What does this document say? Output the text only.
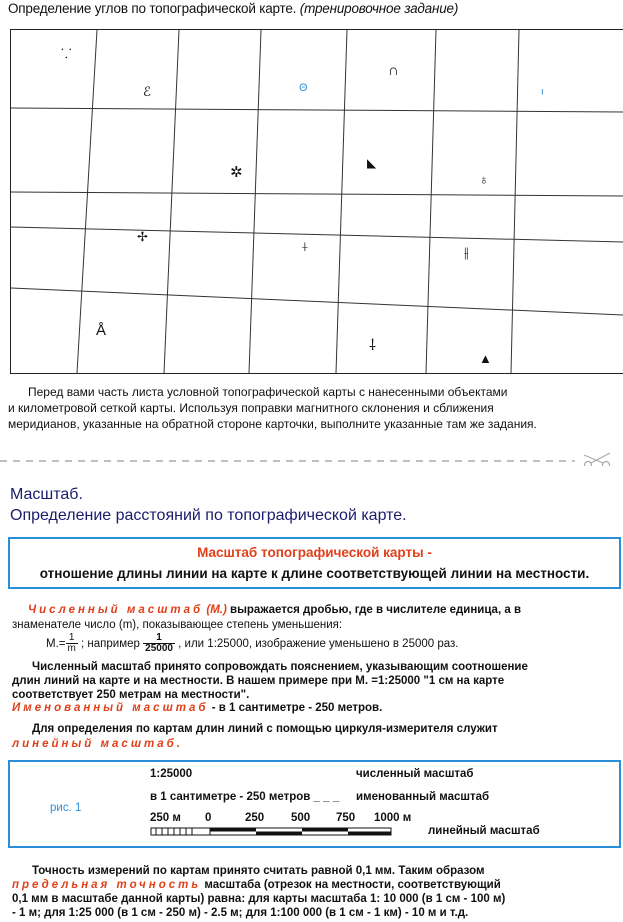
Определение углов по топографической карте. (тренировочное задание)
⸪
ℰ	Θ
∩
ᑊ
✲
◣
♁
✢
⍭	⫲
Å
⸸
▲
Перед вами часть листа условной топографической карты с нанесенными объектами
и километровой сеткой карты. Используя поправки магнитного склонения и сближения
меридианов, указанные на обратной стороне карточки, выполните указанные там же задания.
Масштаб.
Определение расстояний по топографической карте.
Масштаб топографической карты -
отношение длины линии на карте к длине соответствующей линии на местности.
Численный масштаб (М.) выражается дробью, где в числителе единица, а в
знаменателе число (m), показывающее степень уменьшения:
$М.= \frac{1}{m}$ ; например $\frac{1}{25000}$ , или 1:25000, изображение уменьшено в 25000 раз.
Численный масштаб принято сопровождать пояснением, указывающим соотношение
длин линий на карте и на местности. В нашем примере при М. =1:25000 "1 см на карте
соответствует 250 метрам на местности".
Именованный масштаб - в 1 сантиметре - 250 метров.
Для определения по картам длин линий с помощью циркуля-измерителя служит
линейный масштаб.
1:25000	численный масштаб
рис. 1
в 1 сантиметре - 250 метров _ _ _ именованный масштаб
250 м 0	250 500 750 1000 м
линейный масштаб
Точность измерений по картам принято считать равной 0,1 мм. Таким образом
предельная точность масштаба (отрезок на местности, соответствующий
0,1 мм в масштабе данной карты) равна: для карты масштаба 1: 10 000 (в 1 см - 100 м)
- 1 м; для 1:25 000 (в 1 см - 250 м) - 2.5 м; для 1:100 000 (в 1 см - 1 км) - 10 м и т.д.
